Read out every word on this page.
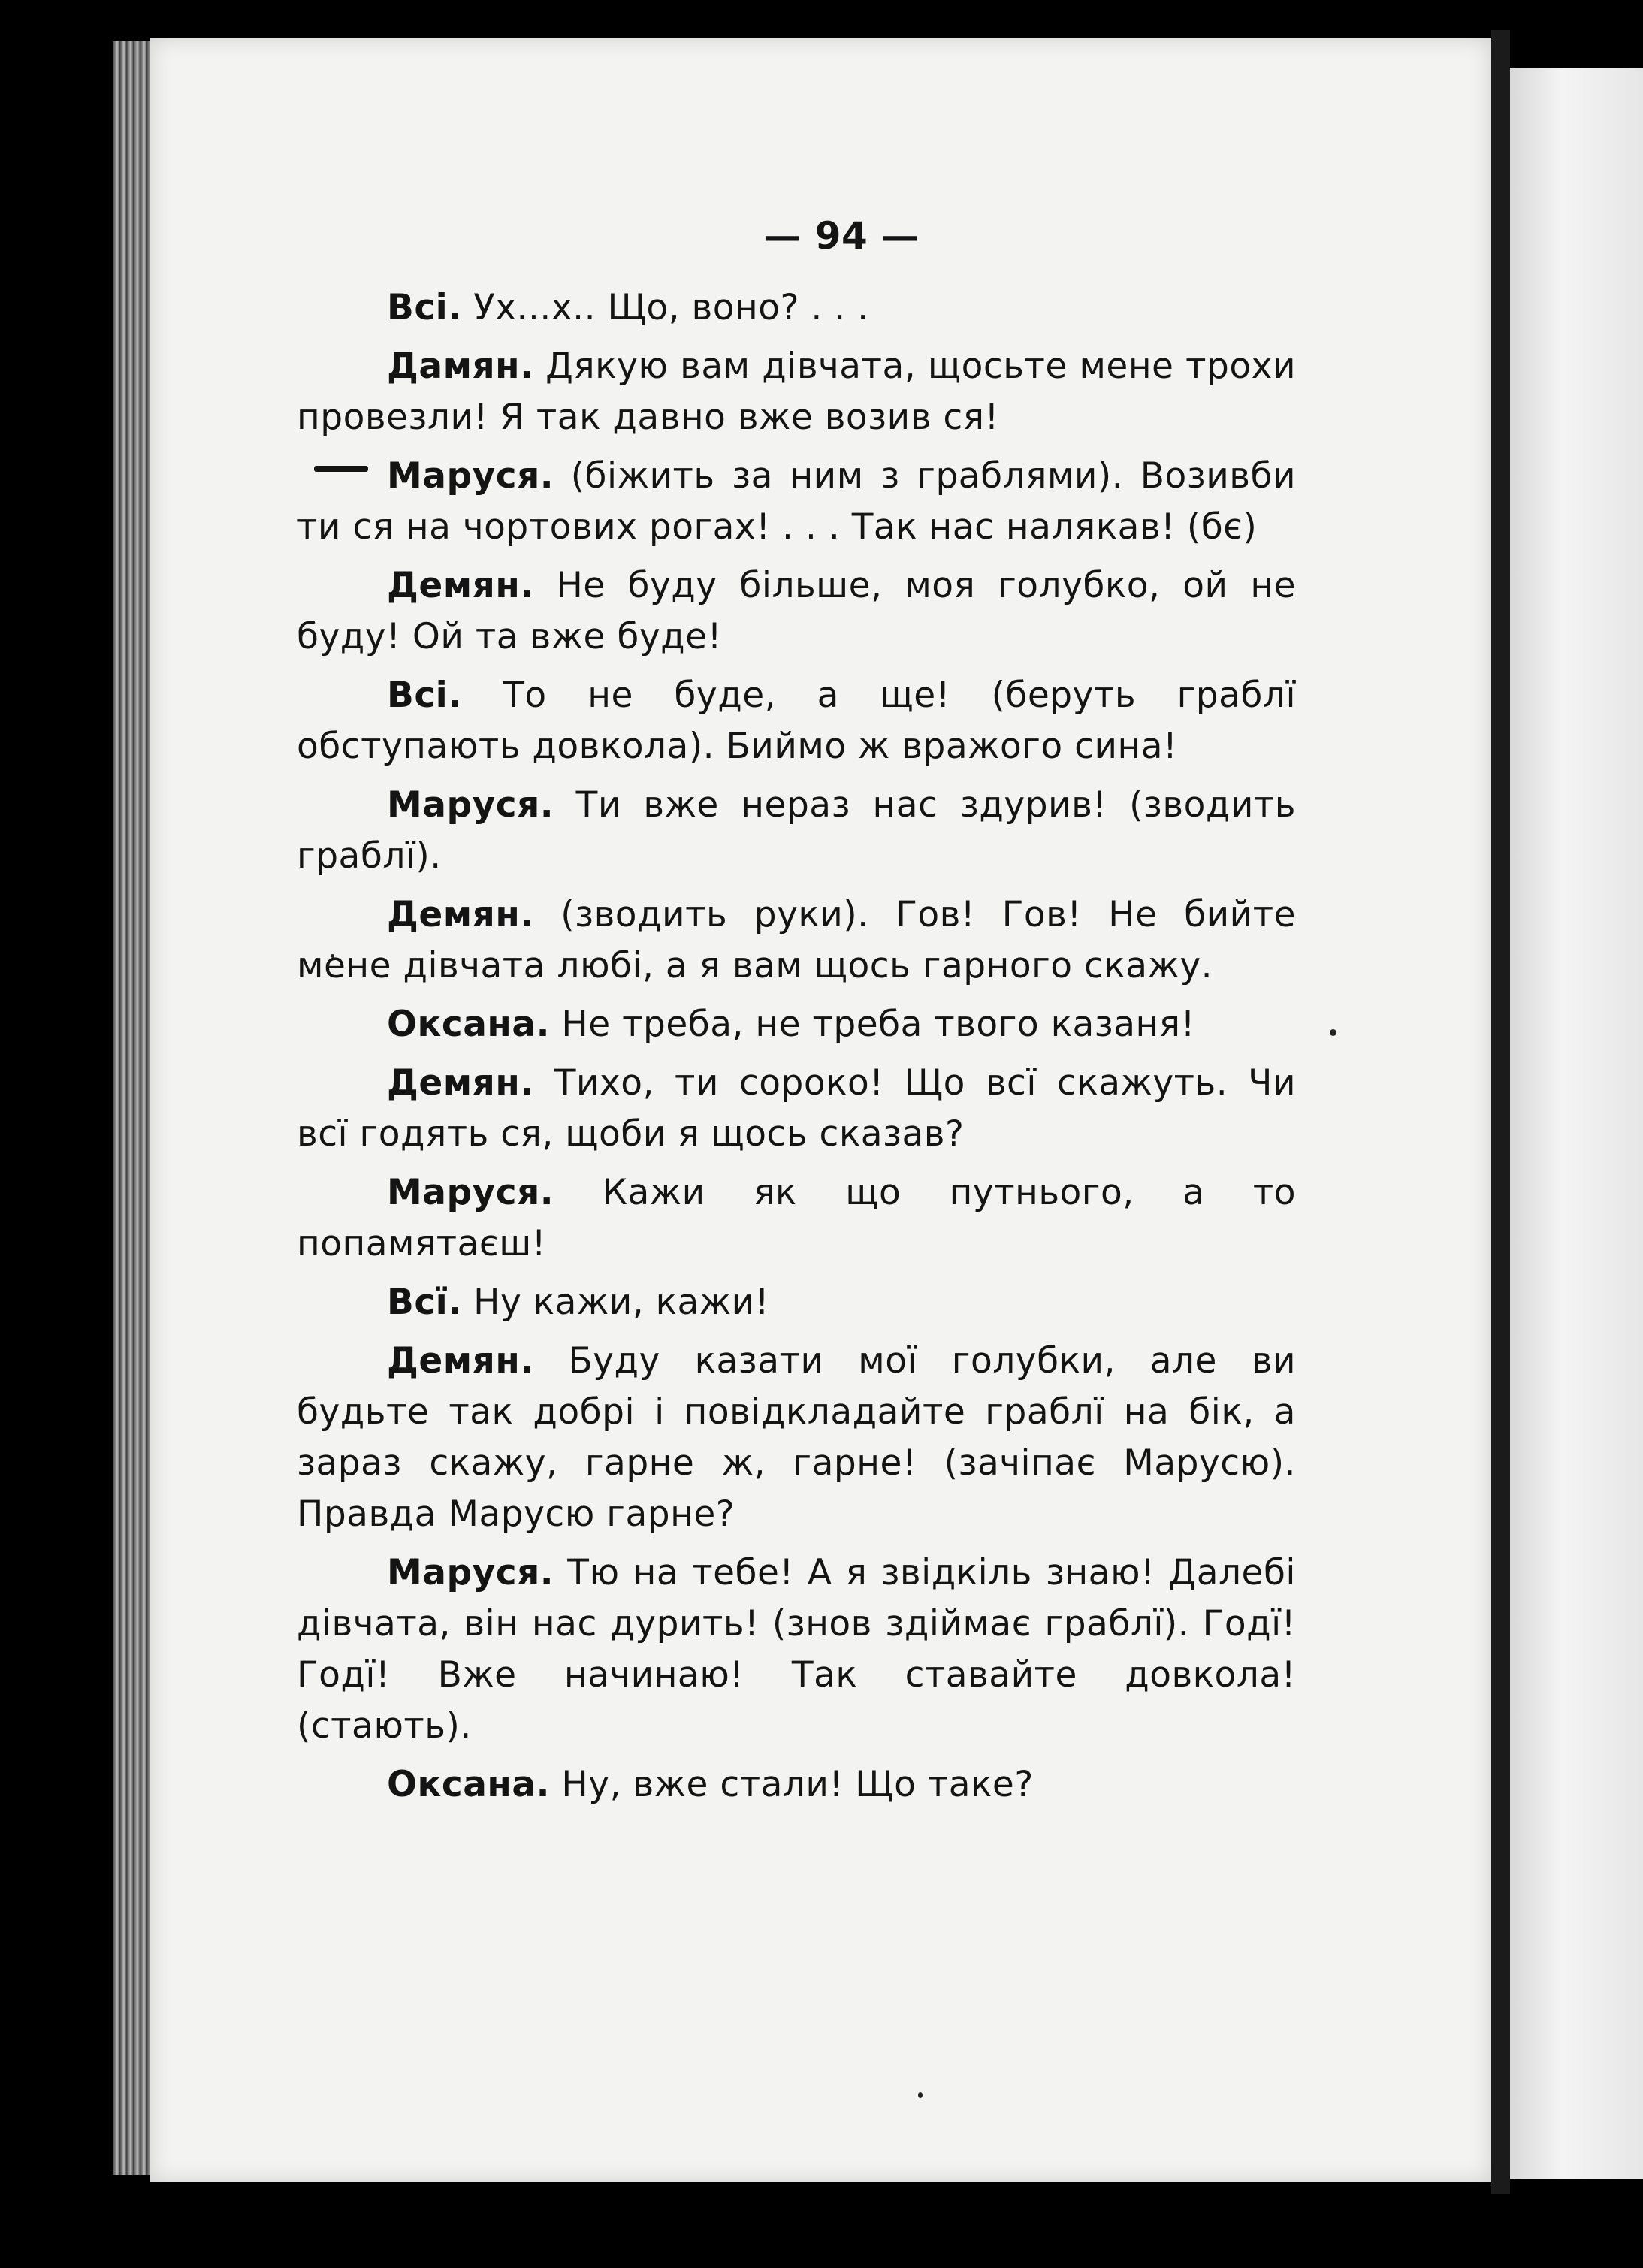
— 94 —

Всі. Ух...х.. Що, воно? . . .

Дамян. Дякую вам дівчата, щосьте мене трохи провезли! Я так давно вже возив ся!

Маруся. (біжить за ним з граблями). Возивби ти ся на чортових рогах! . . . Так нас налякав! (бє)

Демян. Не буду більше, моя голубко, ой не буду! Ой та вже буде!

Всі. То не буде, а ще! (беруть граблї обступають довкола). Биймо ж вражого сина!

Маруся. Ти вже нераз нас здурив! (зводить граблї).

Демян. (зводить руки). Гов! Гов! Не бийте мене дівчата любі, а я вам щось гарного скажу.

Оксана. Не треба, не треба твого казаня!

Демян. Тихо, ти сороко! Що всї скажуть. Чи всї годять ся, щоби я щось сказав?

Маруся. Кажи як що путнього, а то попамятаєш!

Всї. Ну кажи, кажи!

Демян. Буду казати мої голубки, але ви будьте так добрі і повідкладайте граблї на бік, а зараз скажу, гарне ж, гарне! (зачіпає Марусю). Правда Марусю гарне?

Маруся. Тю на тебе! А я звідкіль знаю! Далебі дівчата, він нас дурить! (знов здіймає граблї). Годї! Годї! Вже начинаю! Так ставайте довкола! (стають).

Оксана. Ну, вже стали! Що таке?
